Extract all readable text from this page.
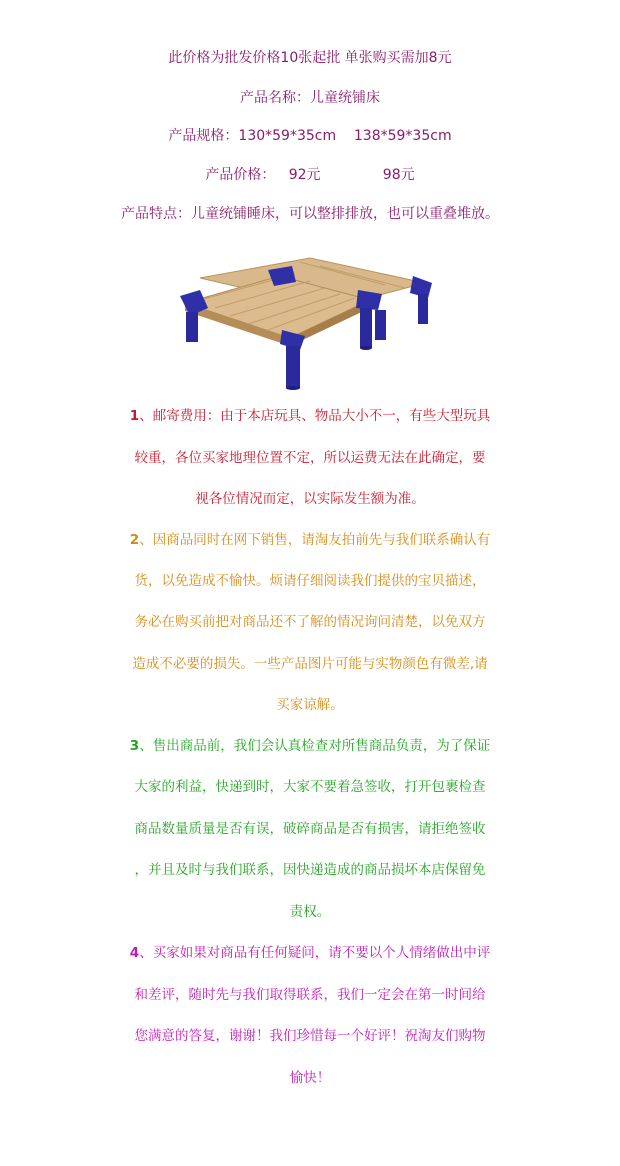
此价格为批发价格10张起批 单张购买需加8元
产品名称：儿童统铺床
产品规格：130*59*35cm    138*59*35cm
产品价格：   92元              98元
产品特点：儿童统铺睡床，可以整排排放，也可以重叠堆放。
1、邮寄费用：由于本店玩具、物品大小不一，有些大型玩具
较重，各位买家地理位置不定，所以运费无法在此确定，要
视各位情况而定，以实际发生额为准。
2、因商品同时在网下销售，请淘友拍前先与我们联系确认有
货，以免造成不愉快。烦请仔细阅读我们提供的宝贝描述，
务必在购买前把对商品还不了解的情况询问清楚，以免双方
造成不必要的损失。一些产品图片可能与实物颜色有微差,请
买家谅解。
3、售出商品前，我们会认真检查对所售商品负责，为了保证
大家的利益，快递到时，大家不要着急签收，打开包裹检查
商品数量质量是否有误，破碎商品是否有损害，请拒绝签收
，并且及时与我们联系，因快递造成的商品损坏本店保留免
责权。
4、买家如果对商品有任何疑问，请不要以个人情绪做出中评
和差评，随时先与我们取得联系，我们一定会在第一时间给
您满意的答复，谢谢！我们珍惜每一个好评！祝淘友们购物
愉快！
